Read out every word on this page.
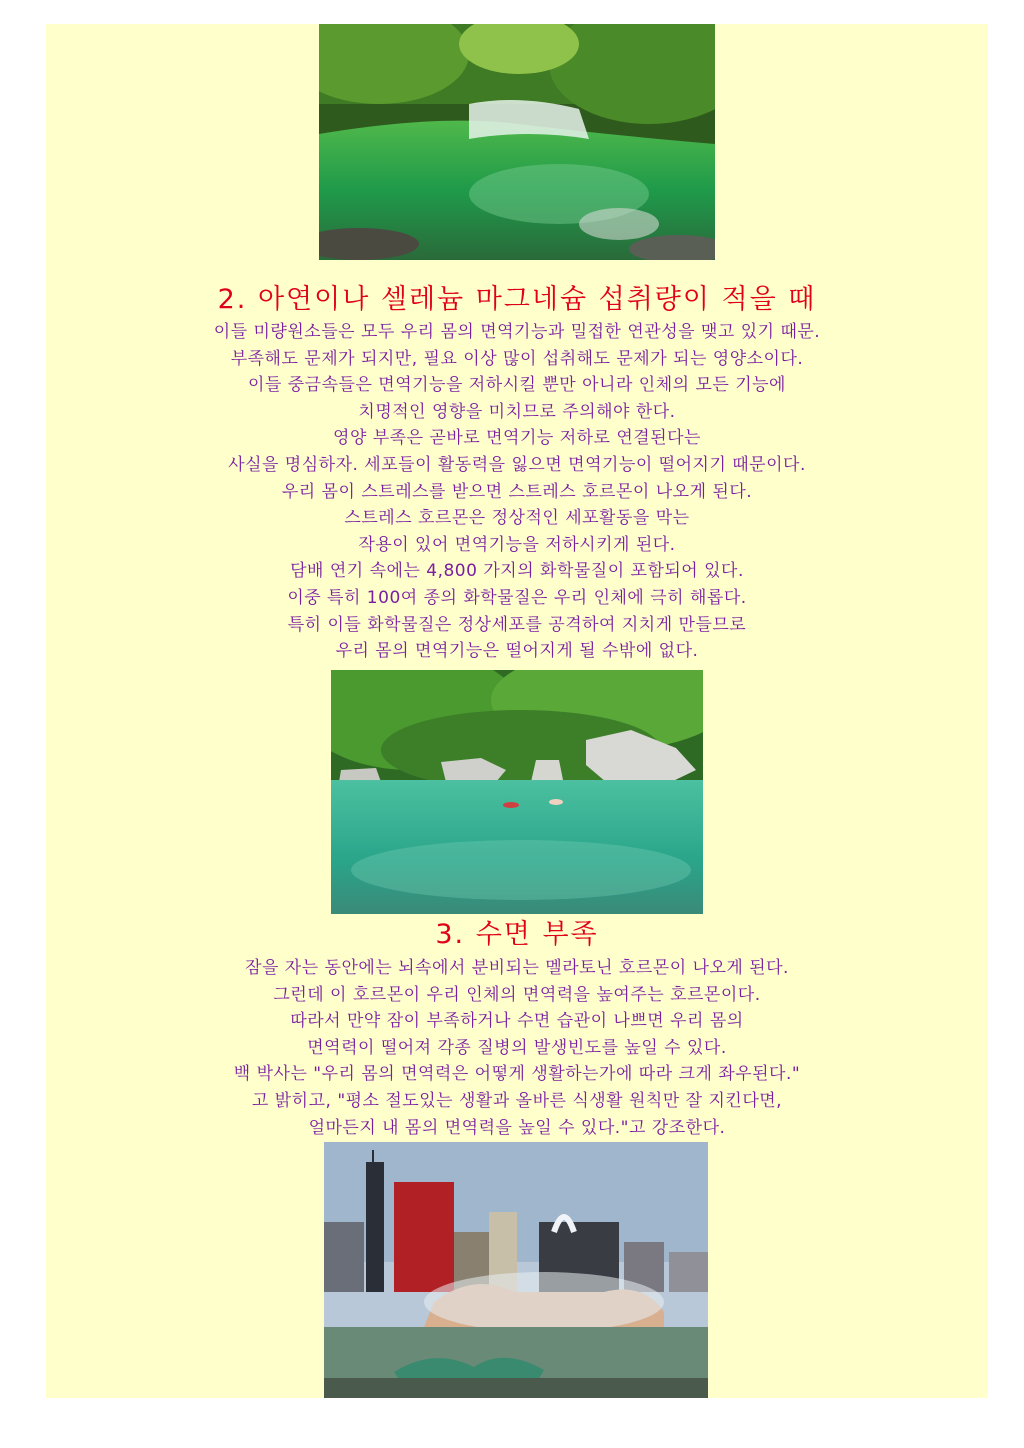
2. 아연이나 셀레늄 마그네슘 섭취량이 적을 때
이들 미량원소들은 모두 우리 몸의 면역기능과 밀접한 연관성을 맺고 있기 때문.
부족해도 문제가 되지만, 필요 이상 많이 섭취해도 문제가 되는 영양소이다.
이들 중금속들은 면역기능을 저하시킬 뿐만 아니라 인체의 모든 기능에
치명적인 영향을 미치므로 주의해야 한다.
영양 부족은 곧바로 면역기능 저하로 연결된다는
사실을 명심하자. 세포들이 활동력을 잃으면 면역기능이 떨어지기 때문이다.
우리 몸이 스트레스를 받으면 스트레스 호르몬이 나오게 된다.
스트레스 호르몬은 정상적인 세포활동을 막는
작용이 있어 면역기능을 저하시키게 된다.
담배 연기 속에는 4,800 가지의 화학물질이 포함되어 있다.
이중 특히 100여 종의 화학물질은 우리 인체에 극히 해롭다.
특히 이들 화학물질은 정상세포를 공격하여 지치게 만들므로
우리 몸의 면역기능은 떨어지게 될 수밖에 없다.
3. 수면 부족
잠을 자는 동안에는 뇌속에서 분비되는 멜라토닌 호르몬이 나오게 된다.
그런데 이 호르몬이 우리 인체의 면역력을 높여주는 호르몬이다.
따라서 만약 잠이 부족하거나 수면 습관이 나쁘면 우리 몸의
면역력이 떨어져 각종 질병의 발생빈도를 높일 수 있다.
백 박사는 "우리 몸의 면역력은 어떻게 생활하는가에 따라 크게 좌우된다."
고 밝히고, "평소 절도있는 생활과 올바른 식생활 원칙만 잘 지킨다면,
얼마든지 내 몸의 면역력을 높일 수 있다."고 강조한다.
